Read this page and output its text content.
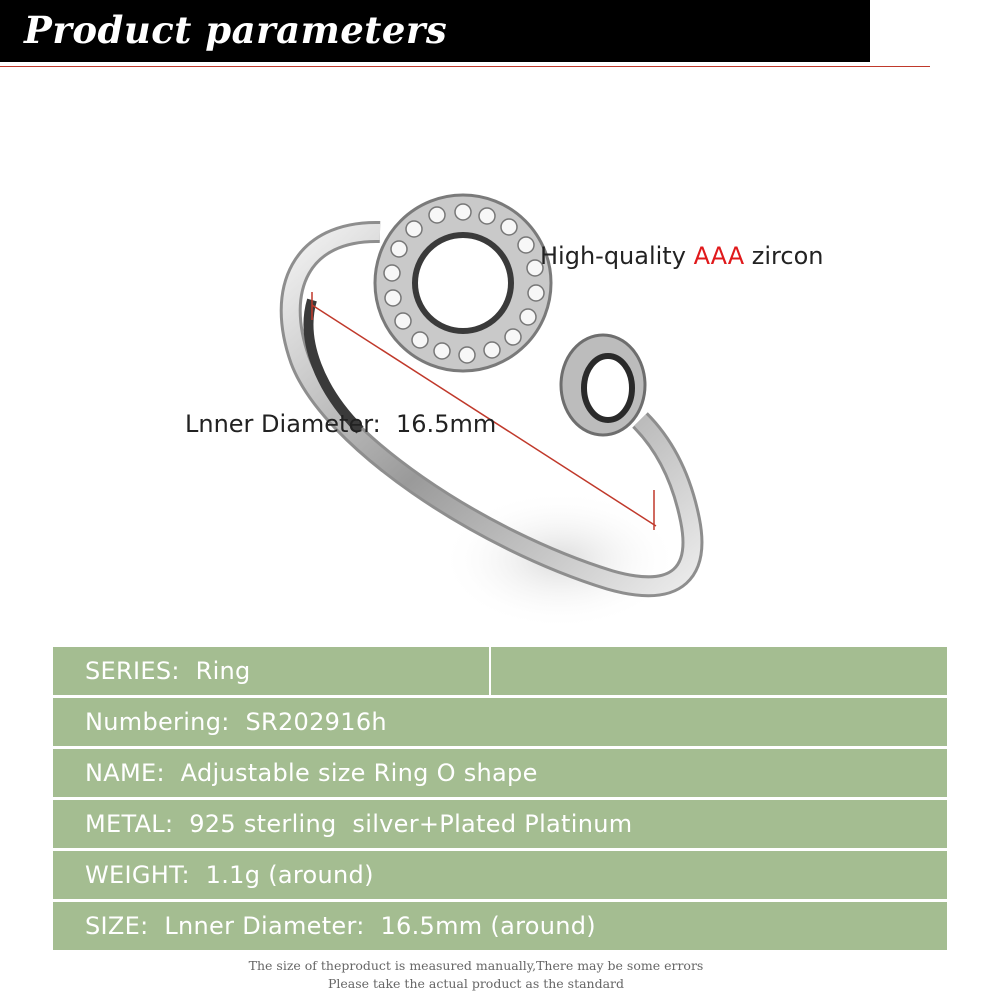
Product parameters
High-quality AAA zircon
Lnner Diameter:  16.5mm
SERIES:  Ring
Numbering:  SR202916h
NAME:  Adjustable size Ring O shape
METAL:  925 sterling  silver+Plated Platinum
WEIGHT:  1.1g (around)
SIZE:  Lnner Diameter:  16.5mm (around)
The size of theproduct is measured manually,There may be some errors
Please take the actual product as the standard
